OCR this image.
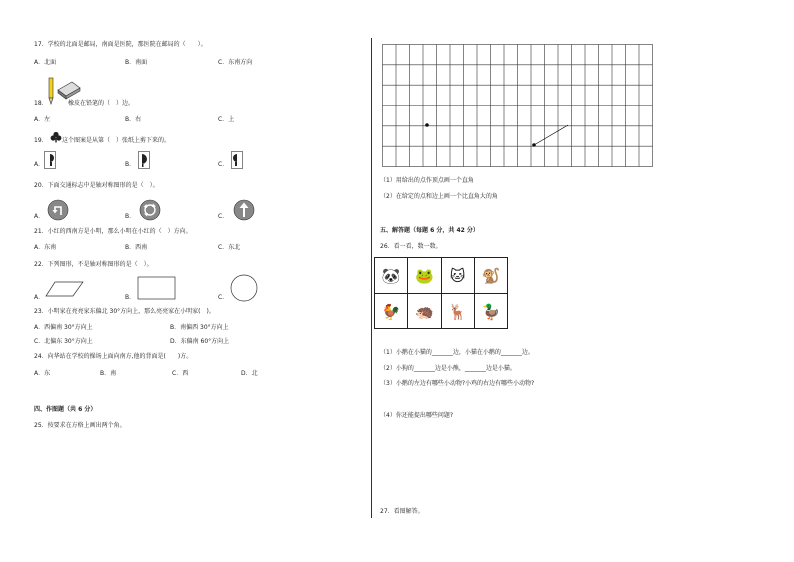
17．学校的北面是邮局，南面是医院，那医院在邮局的（　　）。
A．北面	B．南面	C．东南方向
18．	橡皮在铅笔的（　）边。
A．左	B．右	C．上
19． 这个图案是从第（　）张纸上剪下来的。
A．	B．	C．
20．下面交通标志中是轴对称图形的是（　）。
A．	B．	C．
21．小红的西南方是小明，那么小明在小红的（　）方向。
A．东南	B．西南	C．东北
22．下列图形，不是轴对称图形的是（　）。
A．	B．	C．
23．小明家在亮亮家东偏北 30°方向上，那么亮亮家在小明家(　)。
A．西偏南 30°方向上	B．南偏西 30°方向上
C．北偏东 30°方向上	D．东偏南 60°方向上
24．向华站在学校的操场上面向南方,他的背面是(　　)方。
A．东	B．南	C．西	D．北
四、作图题（共 6 分）
25．按要求在方格上画出两个角。
（1）用给出的点作顶点画一个直角
（2）在给定的点和边上画一个比直角大的角
五、解答题（每题 6 分，共 42 分）
26．看一看，数一数。
🐼 🐸	🐱	🐒
🐓 🦔 🦌 🦆
（1）小鹅在小猫的_______边，小猫在小鹅的_______边。
（2）小狗的_______边是小熊，_______边是小猫。
（3）小鹅的左边有哪些小动物?小鸡的右边有哪些小动物?
（4）你还能提出哪些问题?
27．看图解答。
